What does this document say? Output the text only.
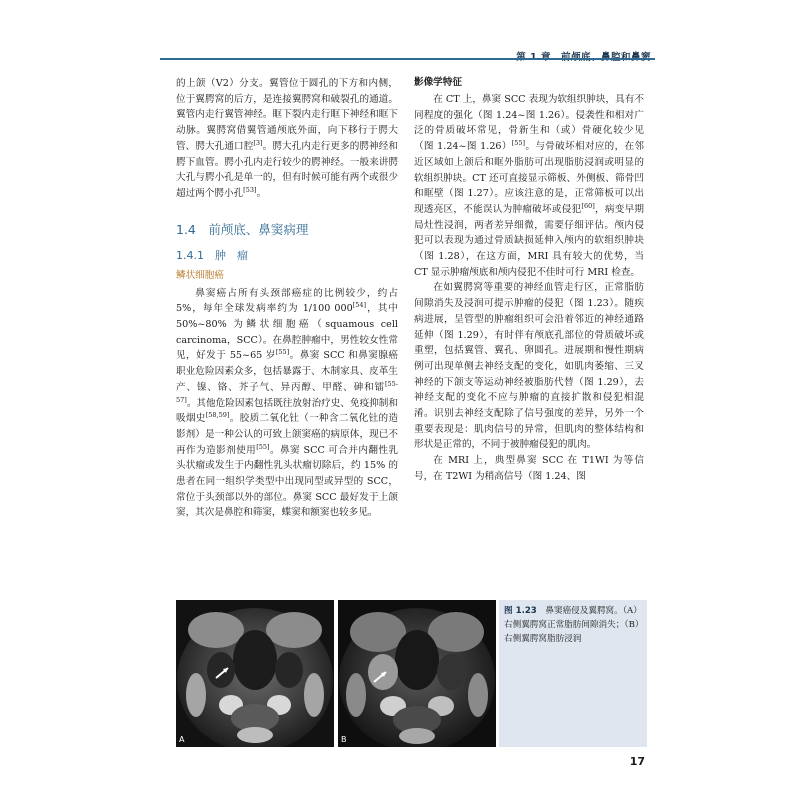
的上颌（V2）分支。翼管位于圆孔的下方和内侧，位于翼腭窝的后方，是连接翼腭窝和破裂孔的通道。翼管内走行翼管神经。眶下裂内走行眶下神经和眶下动脉。翼腭窝借翼管通颅底外面，向下移行于腭大管、腭大孔通口腔[3]。腭大孔内走行更多的腭神经和腭下血管。腭小孔内走行较少的腭神经。一般来讲腭大孔与腭小孔是单一的，但有时候可能有两个或很少超过两个腭小孔[53]。

1.4　前颅底、鼻窦病理
1.4.1　肿　瘤
鳞状细胞癌

鼻窦癌占所有头颈部癌症的比例较少，约占 5%，每年全球发病率约为 1/100 000[54]，其中 50%~80% 为鳞状细胞癌（squamous cell carcinoma，SCC）。在鼻腔肿瘤中，男性较女性常见，好发于 55~65 岁[55]。鼻窦 SCC 和鼻窦腺癌职业危险因素众多，包括暴露于、木制家具、皮革生产、镍、铬、芥子气、异丙醇、甲醛、砷和镭[55-57]。其他危险因素包括既往放射治疗史、免疫抑制和吸烟史[58,59]。胶质二氧化钍（一种含二氧化钍的造影剂）是一种公认的可致上颌窦癌的病原体，现已不再作为造影剂使用[55]。鼻窦 SCC 可合并内翻性乳头状瘤或发生于内翻性乳头状瘤切除后，约 15% 的患者在同一组织学类型中出现同型或异型的 SCC，常位于头颈部以外的部位。鼻窦 SCC 最好发于上颌窦，其次是鼻腔和筛窦，蝶窦和额窦也较多见。

影像学特征

在 CT 上，鼻窦 SCC 表现为软组织肿块，具有不同程度的强化（图 1.24~图 1.26）。侵袭性和相对广泛的骨质破坏常见，骨新生和（或）骨硬化较少见（图 1.24~图 1.26）[55]。与骨破坏相对应的，在邻近区域如上颌后和眶外脂肪可出现脂肪浸润或明显的软组织肿块。CT 还可直接显示筛板、外侧板、筛骨凹和眶壁（图 1.27）。应该注意的是，正常筛板可以出现透亮区，不能误认为肿瘤破坏或侵犯[60]，病变早期局灶性浸润，两者差异细微，需要仔细评估。颅内侵犯可以表现为通过骨质缺损延伸入颅内的软组织肿块（图 1.28），在这方面，MRI 具有较大的优势，当 CT 显示肿瘤颅底和颅内侵犯不佳时可行 MRI 检查。

在如翼腭窝等重要的神经血管走行区，正常脂肪间隙消失及浸润可提示肿瘤的侵犯（图 1.23）。随疾病进展，呈管型的肿瘤组织可会沿着邻近的神经通路延伸（图 1.29），有时伴有颅底孔部位的骨质破坏或重塑，包括翼管、翼孔、卵圆孔。进展期和慢性期病例可出现单侧去神经支配的变化，如肌肉萎缩、三叉神经的下颌支等运动神经被脂肪代替（图 1.29），去神经支配的变化不应与肿瘤的直接扩散和侵犯相混淆。识别去神经支配除了信号强度的差异，另外一个重要表现是：肌肉信号的异常，但肌肉的整体结构和形状是正常的，不同于被肿瘤侵犯的肌肉。

在 MRI 上，典型鼻窦 SCC 在 T1WI 为等信号，在 T2WI 为稍高信号（图 1.24、图

A	B
图 1.23　鼻窦癌侵及翼腭窝。（A）右侧翼腭窝正常脂肪间隙消失；（B）右侧翼腭窝脂肪浸润
17
